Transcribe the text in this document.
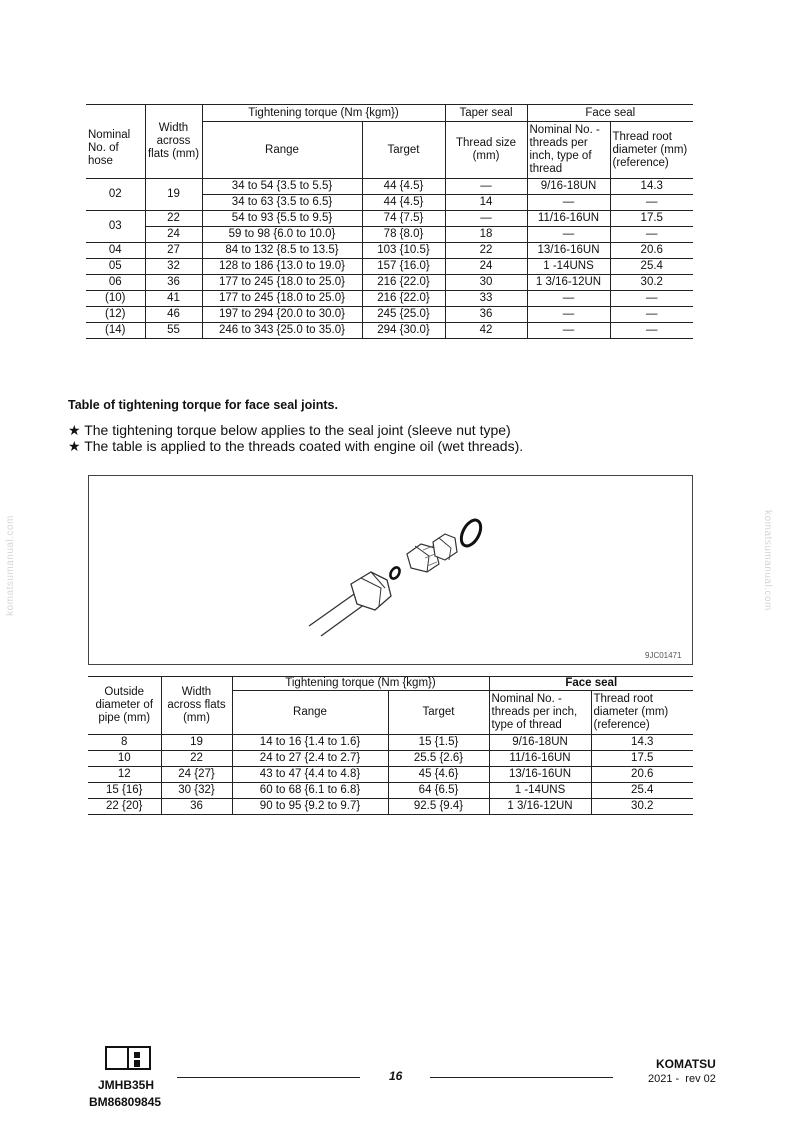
Nominal No. of hose	Width across flats (mm)	Tightening torque (Nm {kgm})		Taper seal	Face seal	
		Range	Target	Thread size (mm)	Nominal No. - threads per inch, type of thread	Thread root diameter (mm) (reference)
02	19	34 to 54 {3.5 to 5.5}	44 {4.5}	—	9/16-18UN	14.3
		34 to 63 {3.5 to 6.5}	44 {4.5}	14	—	—
03	22	54 to 93 {5.5 to 9.5}	74 {7.5}	—	11/16-16UN	17.5
	24	59 to 98 {6.0 to 10.0}	78 {8.0}	18	—	—
04	27	84 to 132 {8.5 to 13.5}	103 {10.5}	22	13/16-16UN	20.6
05	32	128 to 186 {13.0 to 19.0}	157 {16.0}	24	1 -14UNS	25.4
06	36	177 to 245 {18.0 to 25.0}	216 {22.0}	30	1 3/16-12UN	30.2
(10)	41	177 to 245 {18.0 to 25.0}	216 {22.0}	33	—	—
(12)	46	197 to 294 {20.0 to 30.0}	245 {25.0}	36	—	—
(14)	55	246 to 343 {25.0 to 35.0}	294 {30.0}	42	—	—
Table of tightening torque for face seal joints.
★ The tightening torque below applies to the seal joint (sleeve nut type)
★ The table is applied to the threads coated with engine oil (wet threads).
9JC01471
Outside diameter of pipe (mm)	Width across flats (mm)	Tightening torque (Nm {kgm})		Face seal	
		Range	Target	Nominal No. - threads per inch, type of thread	Thread root diameter (mm) (reference)
8	19	14 to 16 {1.4 to 1.6}	15 {1.5}	9/16-18UN	14.3
10	22	24 to 27 {2.4 to 2.7}	25.5 {2.6}	11/16-16UN	17.5
12	24 {27}	43 to 47 {4.4 to 4.8}	45 {4.6}	13/16-16UN	20.6
15 {16}	30 {32}	60 to 68 {6.1 to 6.8}	64 {6.5}	1 -14UNS	25.4
22 {20}	36	90 to 95 {9.2 to 9.7}	92.5 {9.4}	1 3/16-12UN	30.2
komatsumanual.com	komatsumanual.com
JMHB35H
BM86809845
16
KOMATSU
2021 -  rev 02
